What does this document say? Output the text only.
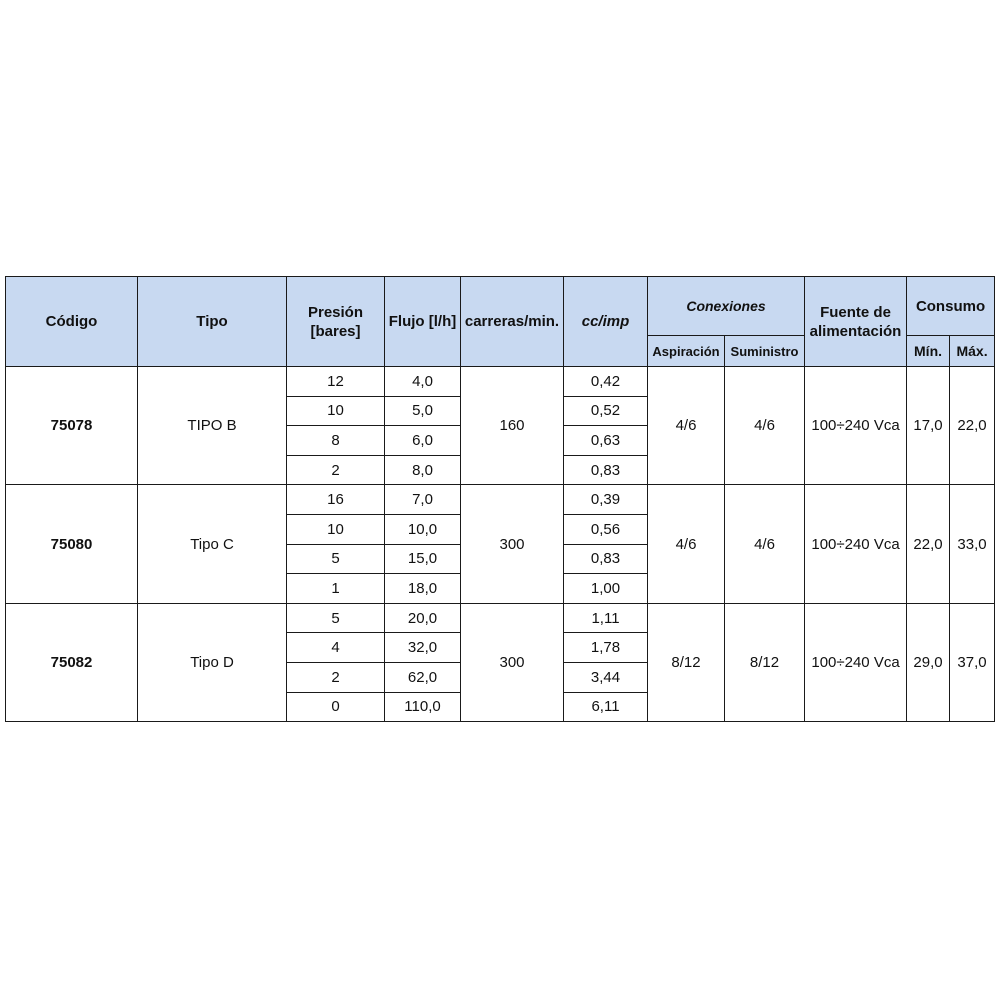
Código	Tipo	Presión [bares]	Flujo [l/h]	carreras/min.	cc/imp	Conexiones		Fuente de alimentación	Consumo	
						Aspiración	Suministro		Mín.	Máx.
75078	TIPO B	12	4,0	160	0,42	4/6	4/6	100÷240 Vca	17,0	22,0
		10	5,0		0,52					
		8	6,0		0,63					
		2	8,0		0,83					
75080	Tipo C	16	7,0	300	0,39	4/6	4/6	100÷240 Vca	22,0	33,0
		10	10,0		0,56					
		5	15,0		0,83					
		1	18,0		1,00					
75082	Tipo D	5	20,0	300	1,11	8/12	8/12	100÷240 Vca	29,0	37,0
		4	32,0		1,78					
		2	62,0		3,44					
		0	110,0		6,11					
